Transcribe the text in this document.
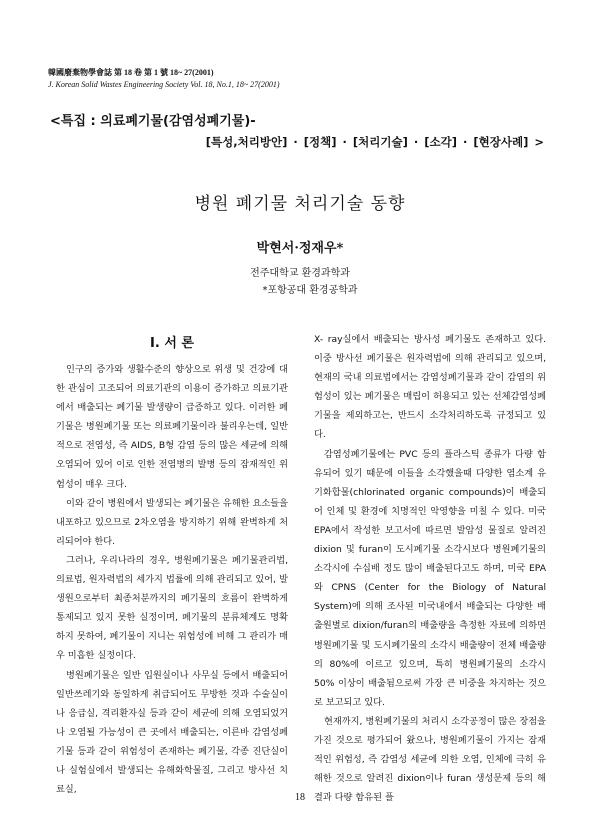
韓國廢棄物學會誌 第 18 卷 第 1 號 18~ 27(2001)
J. Korean Solid Wastes Engineering Society Vol. 18, No.1, 18~ 27(2001)
<특집 : 의료폐기물(감염성폐기물)-
[특성,처리방안] · [정책] · [처리기술] · [소각] · [현장사례] >
병원 폐기물 처리기술 동향
박현서·정재우*
전주대학교 환경과학과
*포항공대 환경공학과
Ⅰ. 서 론

인구의 증가와 생활수준의 향상으로 위생 및 건강에 대한 관심이 고조되어 의료기관의 이용이 증가하고 의료기관에서 배출되는 폐기물 발생량이 급증하고 있다. 이러한 폐기물은 병원폐기물 또는 의료폐기물이라 불리우는데, 일반적으로 전염성, 즉 AIDS, B형 감염 등의 많은 세균에 의해 오염되어 있어 이로 인한 전염병의 발병 등의 잠재적인 위험성이 매우 크다.

이와 같이 병원에서 발생되는 폐기물은 유해한 요소들을 내포하고 있으므로 2차오염을 방지하기 위해 완벽하게 처리되어야 한다.

그러나, 우리나라의 경우, 병원폐기물은 폐기물관리법, 의료법, 원자력법의 세가지 법률에 의해 관리되고 있어, 발생원으로부터 최종처분까지의 폐기물의 흐름이 완벽하게 통제되고 있지 못한 실정이며, 폐기물의 분류체계도 명확하지 못하여, 폐기물이 지니는 위험성에 비해 그 관리가 매우 미흡한 실정이다.

병원폐기물은 일반 입원실이나 사무실 등에서 배출되어 일반쓰레기와 동일하게 취급되어도 무방한 것과 수술실이나 응급실, 격리환자실 등과 같이 세균에 의해 오염되었거나 오염될 가능성이 큰 곳에서 배출되는, 이른바 감염성폐기물 등과 같이 위험성이 존재하는 폐기물, 각종 진단실이나 실험실에서 발생되는 유해화학물질, 그리고 방사선 치료실,

X- ray실에서 배출되는 방사성 폐기물도 존재하고 있다. 이중 방사선 폐기물은 원자력법에 의해 관리되고 있으며, 현재의 국내 의료법에서는 감염성폐기물과 같이 감염의 위험성이 있는 폐기물은 매립이 허용되고 있는 선체감염성폐기물을 제외하고는, 반드시 소각처리하도록 규정되고 있다.

감염성폐기물에는 PVC 등의 플라스틱 종류가 다량 함유되어 있기 때문에 이들을 소각했을때 다양한 염소계 유기화합물(chlorinated organic compounds)이 배출되어 인체 및 환경에 치명적인 악영향을 미칠 수 있다. 미국 EPA에서 작성한 보고서에 따르면 발암성 물질로 알려진 dixion 및 furan이 도시폐기물 소각시보다 병원폐기물의 소각시에 수십배 정도 많이 배출된다고도 하며, 미국 EPA와 CPNS (Center for the Biology of Natural System)에 의해 조사된 미국내에서 배출되는 다양한 배출원별로 dixion/furan의 배출량을 측정한 자료에 의하면 병원폐기물 및 도시폐기물의 소각시 배출량이 전체 배출량의 80%에 이르고 있으며, 특히 병원폐기물의 소각시 50% 이상이 배출됨으로써 가장 큰 비중을 차지하는 것으로 보고되고 있다.

현재까지, 병원폐기물의 처리시 소각공정이 많은 장점을 가진 것으로 평가되어 왔으나, 병원폐기물이 가지는 잠재적인 위험성, 즉 감염성 세균에 의한 오염, 인체에 극히 유해한 것으로 알려진 dixion이나 furan 생성문제 등의 해결과 다량 함유된 플

18
